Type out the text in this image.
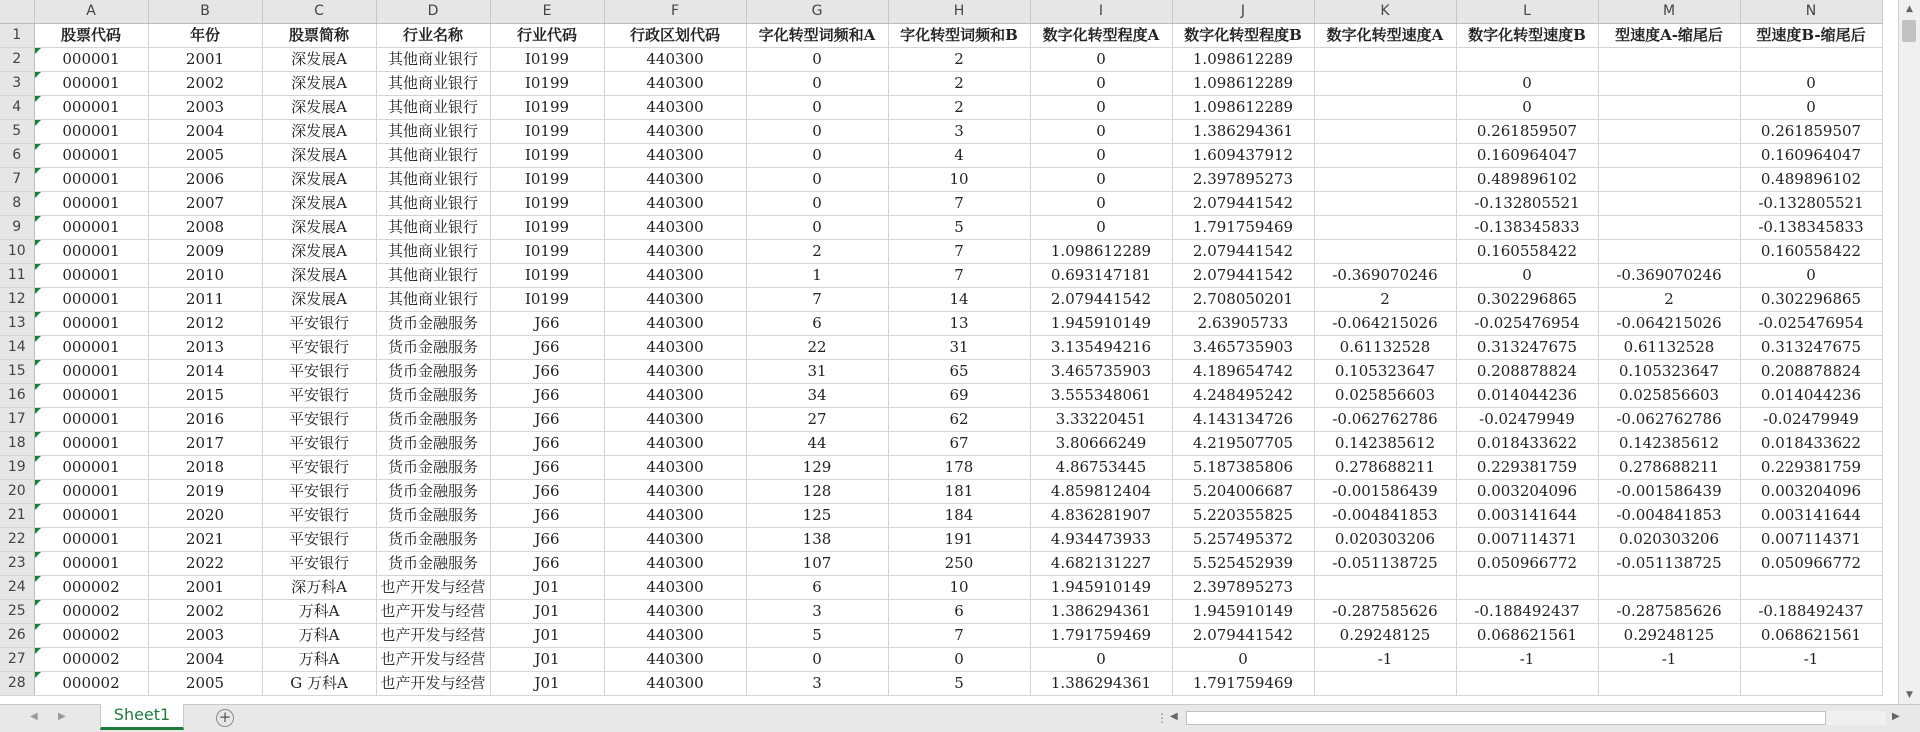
	A	B	C	D	E	F	G	H	I	J	K	L	M	N
1	股票代码	年份	股票简称	行业名称	行业代码	行政区划代码	字化转型词频和A	字化转型词频和B	数字化转型程度A	数字化转型程度B	数字化转型速度A	数字化转型速度B	型速度A-缩尾后	型速度B-缩尾后
2	000001	2001	深发展A	其他商业银行	I0199	440300	0	2	0	1.098612289				
3	000001	2002	深发展A	其他商业银行	I0199	440300	0	2	0	1.098612289		0		0
4	000001	2003	深发展A	其他商业银行	I0199	440300	0	2	0	1.098612289		0		0
5	000001	2004	深发展A	其他商业银行	I0199	440300	0	3	0	1.386294361		0.261859507		0.261859507
6	000001	2005	深发展A	其他商业银行	I0199	440300	0	4	0	1.609437912		0.160964047		0.160964047
7	000001	2006	深发展A	其他商业银行	I0199	440300	0	10	0	2.397895273		0.489896102		0.489896102
8	000001	2007	深发展A	其他商业银行	I0199	440300	0	7	0	2.079441542		-0.132805521		-0.132805521
9	000001	2008	深发展A	其他商业银行	I0199	440300	0	5	0	1.791759469		-0.138345833		-0.138345833
10	000001	2009	深发展A	其他商业银行	I0199	440300	2	7	1.098612289	2.079441542		0.160558422		0.160558422
11	000001	2010	深发展A	其他商业银行	I0199	440300	1	7	0.693147181	2.079441542	-0.369070246	0	-0.369070246	0
12	000001	2011	深发展A	其他商业银行	I0199	440300	7	14	2.079441542	2.708050201	2	0.302296865	2	0.302296865
13	000001	2012	平安银行	货币金融服务	J66	440300	6	13	1.945910149	2.63905733	-0.064215026	-0.025476954	-0.064215026	-0.025476954
14	000001	2013	平安银行	货币金融服务	J66	440300	22	31	3.135494216	3.465735903	0.61132528	0.313247675	0.61132528	0.313247675
15	000001	2014	平安银行	货币金融服务	J66	440300	31	65	3.465735903	4.189654742	0.105323647	0.208878824	0.105323647	0.208878824
16	000001	2015	平安银行	货币金融服务	J66	440300	34	69	3.555348061	4.248495242	0.025856603	0.014044236	0.025856603	0.014044236
17	000001	2016	平安银行	货币金融服务	J66	440300	27	62	3.33220451	4.143134726	-0.062762786	-0.02479949	-0.062762786	-0.02479949
18	000001	2017	平安银行	货币金融服务	J66	440300	44	67	3.80666249	4.219507705	0.142385612	0.018433622	0.142385612	0.018433622
19	000001	2018	平安银行	货币金融服务	J66	440300	129	178	4.86753445	5.187385806	0.278688211	0.229381759	0.278688211	0.229381759
20	000001	2019	平安银行	货币金融服务	J66	440300	128	181	4.859812404	5.204006687	-0.001586439	0.003204096	-0.001586439	0.003204096
21	000001	2020	平安银行	货币金融服务	J66	440300	125	184	4.836281907	5.220355825	-0.004841853	0.003141644	-0.004841853	0.003141644
22	000001	2021	平安银行	货币金融服务	J66	440300	138	191	4.934473933	5.257495372	0.020303206	0.007114371	0.020303206	0.007114371
23	000001	2022	平安银行	货币金融服务	J66	440300	107	250	4.682131227	5.525452939	-0.051138725	0.050966772	-0.051138725	0.050966772
24	000002	2001	深万科A	也产开发与经营	J01	440300	6	10	1.945910149	2.397895273				
25	000002	2002	万科A	也产开发与经营	J01	440300	3	6	1.386294361	1.945910149	-0.287585626	-0.188492437	-0.287585626	-0.188492437
26	000002	2003	万科A	也产开发与经营	J01	440300	5	7	1.791759469	2.079441542	0.29248125	0.068621561	0.29248125	0.068621561
27	000002	2004	万科A	也产开发与经营	J01	440300	0	0	0	0	-1	-1	-1	-1
28	000002	2005	G 万科A	也产开发与经营	J01	440300	3	5	1.386294361	1.791759469				
▲
▼
◀ ▶	Sheet1	+	⋮ ◀	▶
